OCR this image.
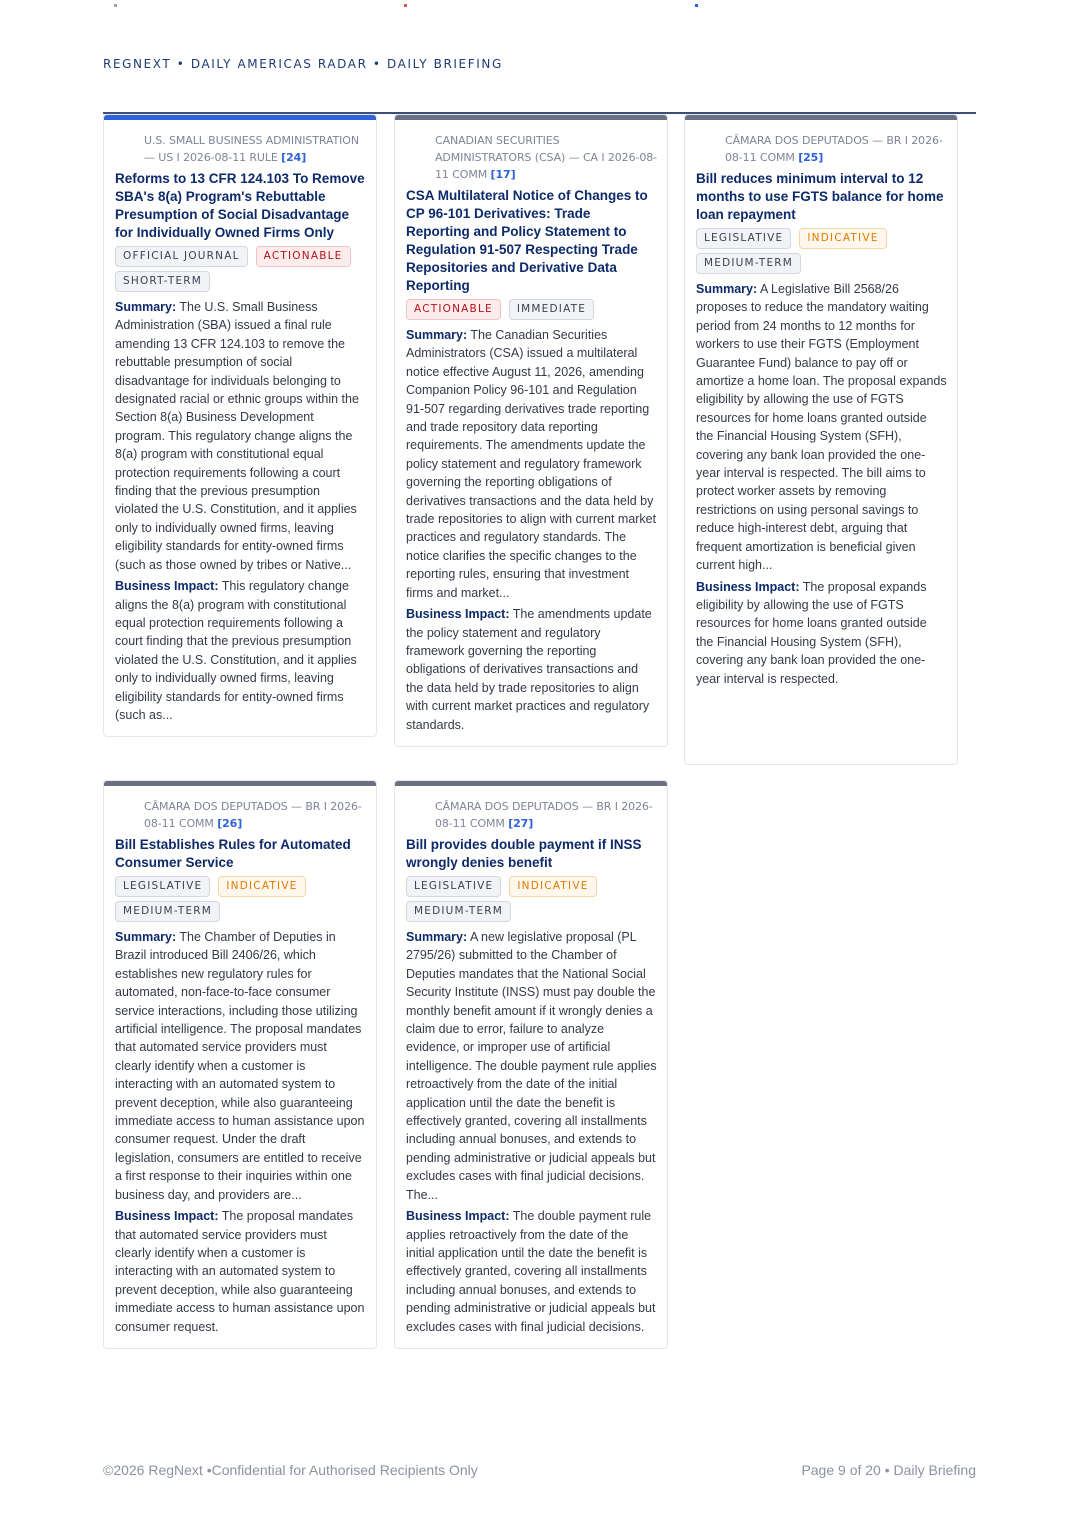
REGNEXT • DAILY AMERICAS RADAR • DAILY BRIEFING
U.S. SMALL BUSINESS ADMINISTRATION — US I 2026-08-11 RULE [24]
Reforms to 13 CFR 124.103 To Remove SBA's 8(a) Program's Rebuttable Presumption of Social Disadvantage for Individually Owned Firms Only
OFFICIAL JOURNAL	ACTIONABLE
SHORT-TERM

Summary: The U.S. Small Business Administration (SBA) issued a final rule amending 13 CFR 124.103 to remove the rebuttable presumption of social disadvantage for individuals belonging to designated racial or ethnic groups within the Section 8(a) Business Development program. This regulatory change aligns the 8(a) program with constitutional equal protection requirements following a court finding that the previous presumption violated the U.S. Constitution, and it applies only to individually owned firms, leaving eligibility standards for entity-owned firms (such as those owned by tribes or Native...

Business Impact: This regulatory change aligns the 8(a) program with constitutional equal protection requirements following a court finding that the previous presumption violated the U.S. Constitution, and it applies only to individually owned firms, leaving eligibility standards for entity-owned firms (such as...

CANADIAN SECURITIES ADMINISTRATORS (CSA) — CA I 2026-08-11 COMM [17]
CSA Multilateral Notice of Changes to CP 96-101 Derivatives: Trade Reporting and Policy Statement to Regulation 91-507 Respecting Trade Repositories and Derivative Data Reporting
ACTIONABLE	IMMEDIATE

Summary: The Canadian Securities Administrators (CSA) issued a multilateral notice effective August 11, 2026, amending Companion Policy 96-101 and Regulation 91-507 regarding derivatives trade reporting and trade repository data reporting requirements. The amendments update the policy statement and regulatory framework governing the reporting obligations of derivatives transactions and the data held by trade repositories to align with current market practices and regulatory standards. The notice clarifies the specific changes to the reporting rules, ensuring that investment firms and market...

Business Impact: The amendments update the policy statement and regulatory framework governing the reporting obligations of derivatives transactions and the data held by trade repositories to align with current market practices and regulatory standards.

CÂMARA DOS DEPUTADOS — BR I 2026-08-11 COMM [25]
Bill reduces minimum interval to 12 months to use FGTS balance for home loan repayment
LEGISLATIVE	INDICATIVE
MEDIUM-TERM

Summary: A Legislative Bill 2568/26 proposes to reduce the mandatory waiting period from 24 months to 12 months for workers to use their FGTS (Employment Guarantee Fund) balance to pay off or amortize a home loan. The proposal expands eligibility by allowing the use of FGTS resources for home loans granted outside the Financial Housing System (SFH), covering any bank loan provided the one-year interval is respected. The bill aims to protect worker assets by removing restrictions on using personal savings to reduce high-interest debt, arguing that frequent amortization is beneficial given current high...

Business Impact: The proposal expands eligibility by allowing the use of FGTS resources for home loans granted outside the Financial Housing System (SFH), covering any bank loan provided the one-year interval is respected.

CÂMARA DOS DEPUTADOS — BR I 2026-08-11 COMM [26]
Bill Establishes Rules for Automated Consumer Service
LEGISLATIVE	INDICATIVE
MEDIUM-TERM

Summary: The Chamber of Deputies in Brazil introduced Bill 2406/26, which establishes new regulatory rules for automated, non-face-to-face consumer service interactions, including those utilizing artificial intelligence. The proposal mandates that automated service providers must clearly identify when a customer is interacting with an automated system to prevent deception, while also guaranteeing immediate access to human assistance upon consumer request. Under the draft legislation, consumers are entitled to receive a first response to their inquiries within one business day, and providers are...

Business Impact: The proposal mandates that automated service providers must clearly identify when a customer is interacting with an automated system to prevent deception, while also guaranteeing immediate access to human assistance upon consumer request.

CÂMARA DOS DEPUTADOS — BR I 2026-08-11 COMM [27]
Bill provides double payment if INSS wrongly denies benefit
LEGISLATIVE	INDICATIVE
MEDIUM-TERM

Summary: A new legislative proposal (PL 2795/26) submitted to the Chamber of Deputies mandates that the National Social Security Institute (INSS) must pay double the monthly benefit amount if it wrongly denies a claim due to error, failure to analyze evidence, or improper use of artificial intelligence. The double payment rule applies retroactively from the date of the initial application until the date the benefit is effectively granted, covering all installments including annual bonuses, and extends to pending administrative or judicial appeals but excludes cases with final judicial decisions. The...

Business Impact: The double payment rule applies retroactively from the date of the initial application until the date the benefit is effectively granted, covering all installments including annual bonuses, and extends to pending administrative or judicial appeals but excludes cases with final judicial decisions.

©2026 RegNext •Confidential for Authorised Recipients Only	Page 9 of 20 • Daily Briefing
